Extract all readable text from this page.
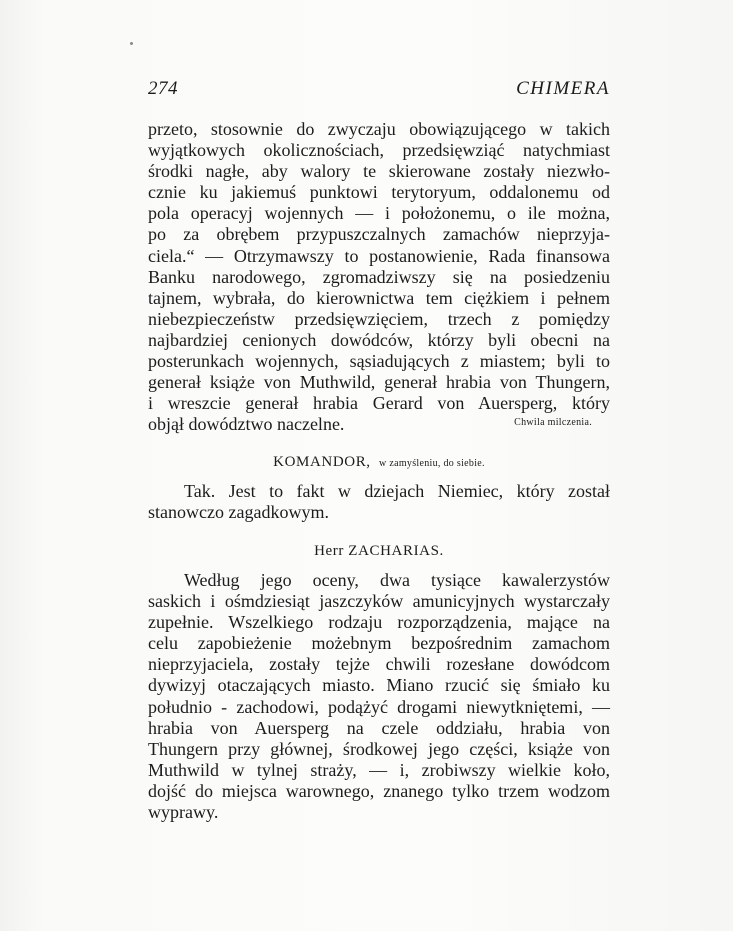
274	CHIMERA
przeto, stosownie do zwyczaju obowiązującego w takich
wyjątkowych okolicznościach, przedsięwziąć natychmiast
środki nagłe, aby walory te skierowane zostały niezwło-
cznie ku jakiemuś punktowi terytoryum, oddalonemu od
pola operacyj wojennych — i położonemu, o ile można,
po za obrębem przypuszczalnych zamachów nieprzyja-
ciela.“ — Otrzymawszy to postanowienie, Rada finansowa
Banku narodowego, zgromadziwszy się na posiedzeniu
tajnem, wybrała, do kierownictwa tem ciężkiem i pełnem
niebezpieczeństw przedsięwzięciem, trzech z pomiędzy
najbardziej cenionych dowódców, którzy byli obecni na
posterunkach wojennych, sąsiadujących z miastem; byli to
generał książe von Muthwild, generał hrabia von Thungern,
i wreszcie generał hrabia Gerard von Auersperg, który
objął dowództwo naczelne.	Chwila milczenia.
KOMANDOR, w zamyśleniu, do siebie.
Tak. Jest to fakt w dziejach Niemiec, który został
stanowczo zagadkowym.
Herr ZACHARIAS.
Według jego oceny, dwa tysiące kawalerzystów
saskich i ośmdziesiąt jaszczyków amunicyjnych wystarczały
zupełnie. Wszelkiego rodzaju rozporządzenia, mające na
celu zapobieżenie możebnym bezpośrednim zamachom
nieprzyjaciela, zostały tejże chwili rozesłane dowódcom
dywizyj otaczających miasto. Miano rzucić się śmiało ku
południo - zachodowi, podążyć drogami niewytkniętemi, —
hrabia von Auersperg na czele oddziału, hrabia von
Thungern przy głównej, środkowej jego części, książe von
Muthwild w tylnej straży, — i, zrobiwszy wielkie koło,
dojść do miejsca warownego, znanego tylko trzem wodzom
wyprawy.
